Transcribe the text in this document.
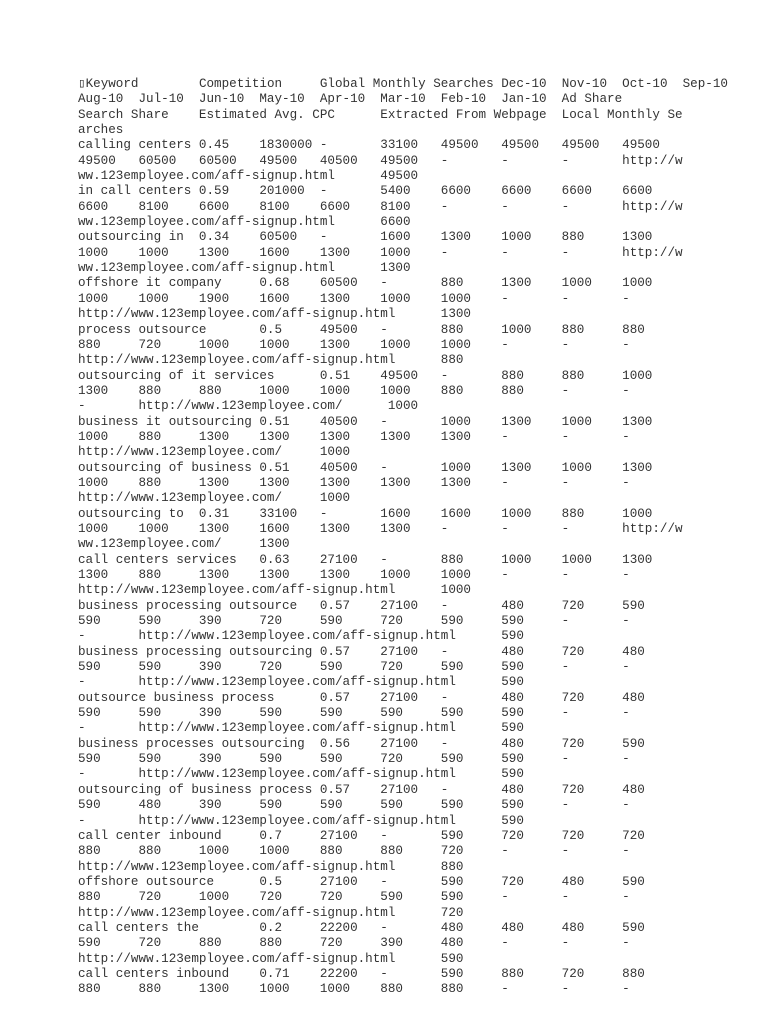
▯Keyword        Competition     Global Monthly Searches Dec-10  Nov-10  Oct-10  Sep-10
Aug-10  Jul-10  Jun-10  May-10  Apr-10  Mar-10  Feb-10  Jan-10  Ad Share
Search Share    Estimated Avg. CPC      Extracted From Webpage  Local Monthly Se
arches
calling centers 0.45    1830000 -       33100   49500   49500   49500   49500
49500   60500   60500   49500   40500   49500   -       -       -       http://w
ww.123employee.com/aff-signup.html      49500
in call centers 0.59    201000  -       5400    6600    6600    6600    6600
6600    8100    6600    8100    6600    8100    -       -       -       http://w
ww.123employee.com/aff-signup.html      6600
outsourcing in  0.34    60500   -       1600    1300    1000    880     1300
1000    1000    1300    1600    1300    1000    -       -       -       http://w
ww.123employee.com/aff-signup.html      1300
offshore it company     0.68    60500   -       880     1300    1000    1000
1000    1000    1900    1600    1300    1000    1000    -       -       -
http://www.123employee.com/aff-signup.html      1300
process outsource       0.5     49500   -       880     1000    880     880
880     720     1000    1000    1300    1000    1000    -       -       -
http://www.123employee.com/aff-signup.html      880
outsourcing of it services      0.51    49500   -       880     880     1000
1300    880     880     1000    1000    1000    880     880     -       -
-       http://www.123employee.com/      1000
business it outsourcing 0.51    40500   -       1000    1300    1000    1300
1000    880     1300    1300    1300    1300    1300    -       -       -
http://www.123employee.com/     1000
outsourcing of business 0.51    40500   -       1000    1300    1000    1300
1000    880     1300    1300    1300    1300    1300    -       -       -
http://www.123employee.com/     1000
outsourcing to  0.31    33100   -       1600    1600    1000    880     1000
1000    1000    1300    1600    1300    1300    -       -       -       http://w
ww.123employee.com/     1300
call centers services   0.63    27100   -       880     1000    1000    1300
1300    880     1300    1300    1300    1000    1000    -       -       -
http://www.123employee.com/aff-signup.html      1000
business processing outsource   0.57    27100   -       480     720     590
590     590     390     720     590     720     590     590     -       -
-       http://www.123employee.com/aff-signup.html      590
business processing outsourcing 0.57    27100   -       480     720     480
590     590     390     720     590     720     590     590     -       -
-       http://www.123employee.com/aff-signup.html      590
outsource business process      0.57    27100   -       480     720     480
590     590     390     590     590     590     590     590     -       -
-       http://www.123employee.com/aff-signup.html      590
business processes outsourcing  0.56    27100   -       480     720     590
590     590     390     590     590     720     590     590     -       -
-       http://www.123employee.com/aff-signup.html      590
outsourcing of business process 0.57    27100   -       480     720     480
590     480     390     590     590     590     590     590     -       -
-       http://www.123employee.com/aff-signup.html      590
call center inbound     0.7     27100   -       590     720     720     720
880     880     1000    1000    880     880     720     -       -       -
http://www.123employee.com/aff-signup.html      880
offshore outsource      0.5     27100   -       590     720     480     590
880     720     1000    720     720     590     590     -       -       -
http://www.123employee.com/aff-signup.html      720
call centers the        0.2     22200   -       480     480     480     590
590     720     880     880     720     390     480     -       -       -
http://www.123employee.com/aff-signup.html      590
call centers inbound    0.71    22200   -       590     880     720     880
880     880     1300    1000    1000    880     880     -       -       -
